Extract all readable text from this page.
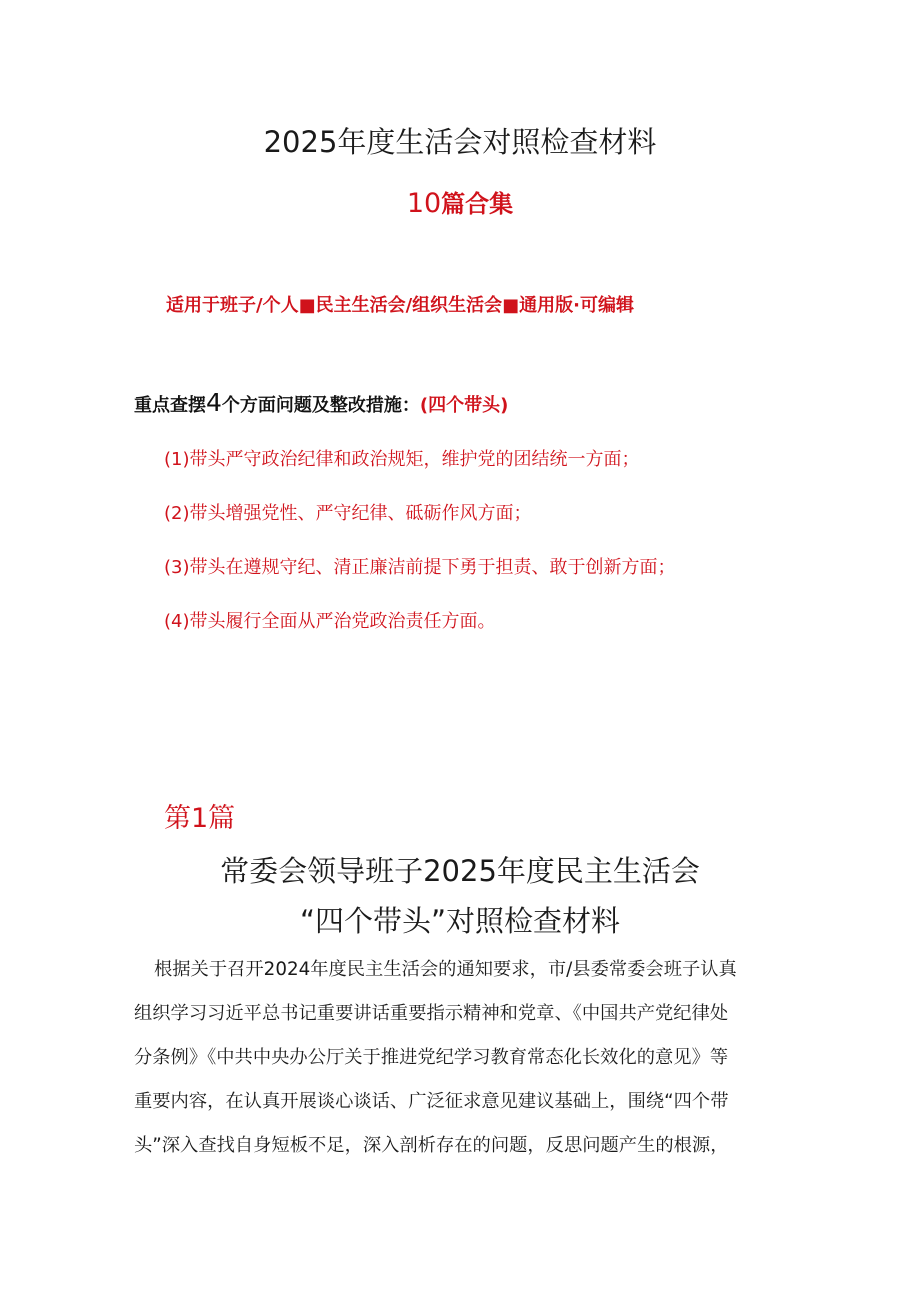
2025年度生活会对照检查材料
10篇合集
适用于班子/个人■民主生活会/组织生活会■通用版·可编辑
重点查摆4个方面问题及整改措施：(四个带头)
(1)带头严守政治纪律和政治规矩，维护党的团结统一方面；
(2)带头增强党性、严守纪律、砥砺作风方面；
(3)带头在遵规守纪、清正廉洁前提下勇于担责、敢于创新方面；
(4)带头履行全面从严治党政治责任方面。
第1篇
常委会领导班子2025年度民主生活会
“四个带头”对照检查材料
根据关于召开2024年度民主生活会的通知要求，市/县委常委会班子认真
组织学习习近平总书记重要讲话重要指示精神和党章、《中国共产党纪律处
分条例》《中共中央办公厅关于推进党纪学习教育常态化长效化的意见》等
重要内容，在认真开展谈心谈话、广泛征求意见建议基础上，围绕“四个带
头”深入查找自身短板不足，深入剖析存在的问题，反思问题产生的根源，
